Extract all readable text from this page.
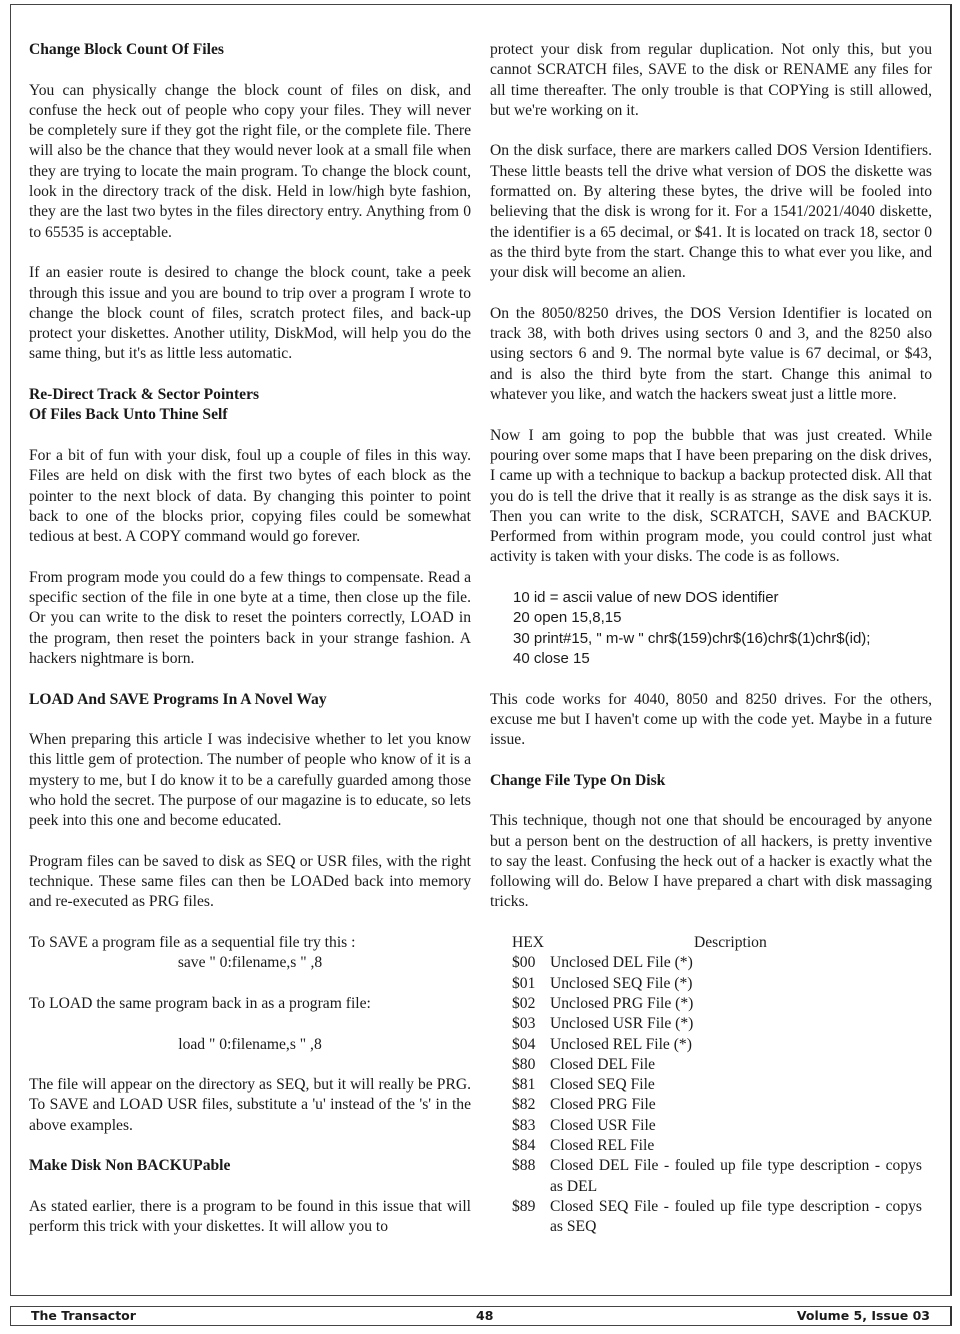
Change Block Count Of Files

You can physically change the block count of files on disk, and confuse the heck out of people who copy your files. They will never be completely sure if they got the right file, or the complete file. There will also be the chance that they would never look at a small file when they are trying to locate the main program. To change the block count, look in the directory track of the disk. Held in low/high byte fashion, they are the last two bytes in the files directory entry. Anything from 0 to 65535 is acceptable.

If an easier route is desired to change the block count, take a peek through this issue and you are bound to trip over a program I wrote to change the block count of files, scratch protect files, and back-up protect your diskettes. Another utility, DiskMod, will help you do the same thing, but it's as little less automatic.

Re-Direct Track & Sector Pointers
Of Files Back Unto Thine Self

For a bit of fun with your disk, foul up a couple of files in this way. Files are held on disk with the first two bytes of each block as the pointer to the next block of data. By changing this pointer to point back to one of the blocks prior, copying files could be somewhat tedious at best. A COPY command would go forever.

From program mode you could do a few things to compensate. Read a specific section of the file in one byte at a time, then close up the file. Or you can write to the disk to reset the pointers correctly, LOAD in the program, then reset the pointers back in your strange fashion. A hackers nightmare is born.

LOAD And SAVE Programs In A Novel Way

When preparing this article I was indecisive whether to let you know this little gem of protection. The number of people who know of it is a mystery to me, but I do know it to be a carefully guarded among those who hold the secret. The purpose of our magazine is to educate, so lets peek into this one and become educated.

Program files can be saved to disk as SEQ or USR files, with the right technique. These same files can then be LOADed back into memory and re-executed as PRG files.

To SAVE a program file as a sequential file try this :

save " 0:filename,s " ,8

To LOAD the same program back in as a program file:

load " 0:filename,s " ,8

The file will appear on the directory as SEQ, but it will really be PRG. To SAVE and LOAD USR files, substitute a 'u' instead of the 's' in the above examples.

Make Disk Non BACKUPable

As stated earlier, there is a program to be found in this issue that will perform this trick with your diskettes. It will allow you to

protect your disk from regular duplication. Not only this, but you cannot SCRATCH files, SAVE to the disk or RENAME any files for all time thereafter. The only trouble is that COPYing is still allowed, but we're working on it.

On the disk surface, there are markers called DOS Version Identifiers. These little beasts tell the drive what version of DOS the diskette was formatted on. By altering these bytes, the drive will be fooled into believing that the disk is wrong for it. For a 1541/2021/4040 diskette, the identifier is a 65 decimal, or $41. It is located on track 18, sector 0 as the third byte from the start. Change this to what ever you like, and your disk will become an alien.

On the 8050/8250 drives, the DOS Version Identifier is located on track 38, with both drives using sectors 0 and 3, and the 8250 also using sectors 6 and 9. The normal byte value is 67 decimal, or $43, and is also the third byte from the start. Change this animal to whatever you like, and watch the hackers sweat just a little more.

Now I am going to pop the bubble that was just created. While pouring over some maps that I have been preparing on the disk drives, I came up with a technique to backup a backup protected disk. All that you do is tell the drive that it really is as strange as the disk says it is. Then you can write to the disk, SCRATCH, SAVE and BACKUP. Performed from within program mode, you could control just what activity is taken with your disks. The code is as follows.

10 id = ascii value of new DOS identifier
20 open 15,8,15
30 print#15, " m-w " chr$(159)chr$(16)chr$(1)chr$(id);
40 close 15

This code works for 4040, 8050 and 8250 drives. For the others, excuse me but I haven't come up with the code yet. Maybe in a future issue.

Change File Type On Disk

This technique, though not one that should be encouraged by anyone but a person bent on the destruction of all hackers, is pretty inventive to say the least. Confusing the heck out of a hacker is exactly what the following will do. Below I have prepared a chart with disk massaging tricks.

HEX	Description
$00	Unclosed DEL File (*)
$01	Unclosed SEQ File (*)
$02	Unclosed PRG File (*)
$03	Unclosed USR File (*)
$04	Unclosed REL File (*)
$80	Closed DEL File
$81	Closed SEQ File
$82	Closed PRG File
$83	Closed USR File
$84	Closed REL File
$88	Closed DEL File - fouled up file type description - copys as DEL
$89	Closed SEQ File - fouled up file type description - copys as SEQ
The Transactor	48	Volume 5, Issue 03
